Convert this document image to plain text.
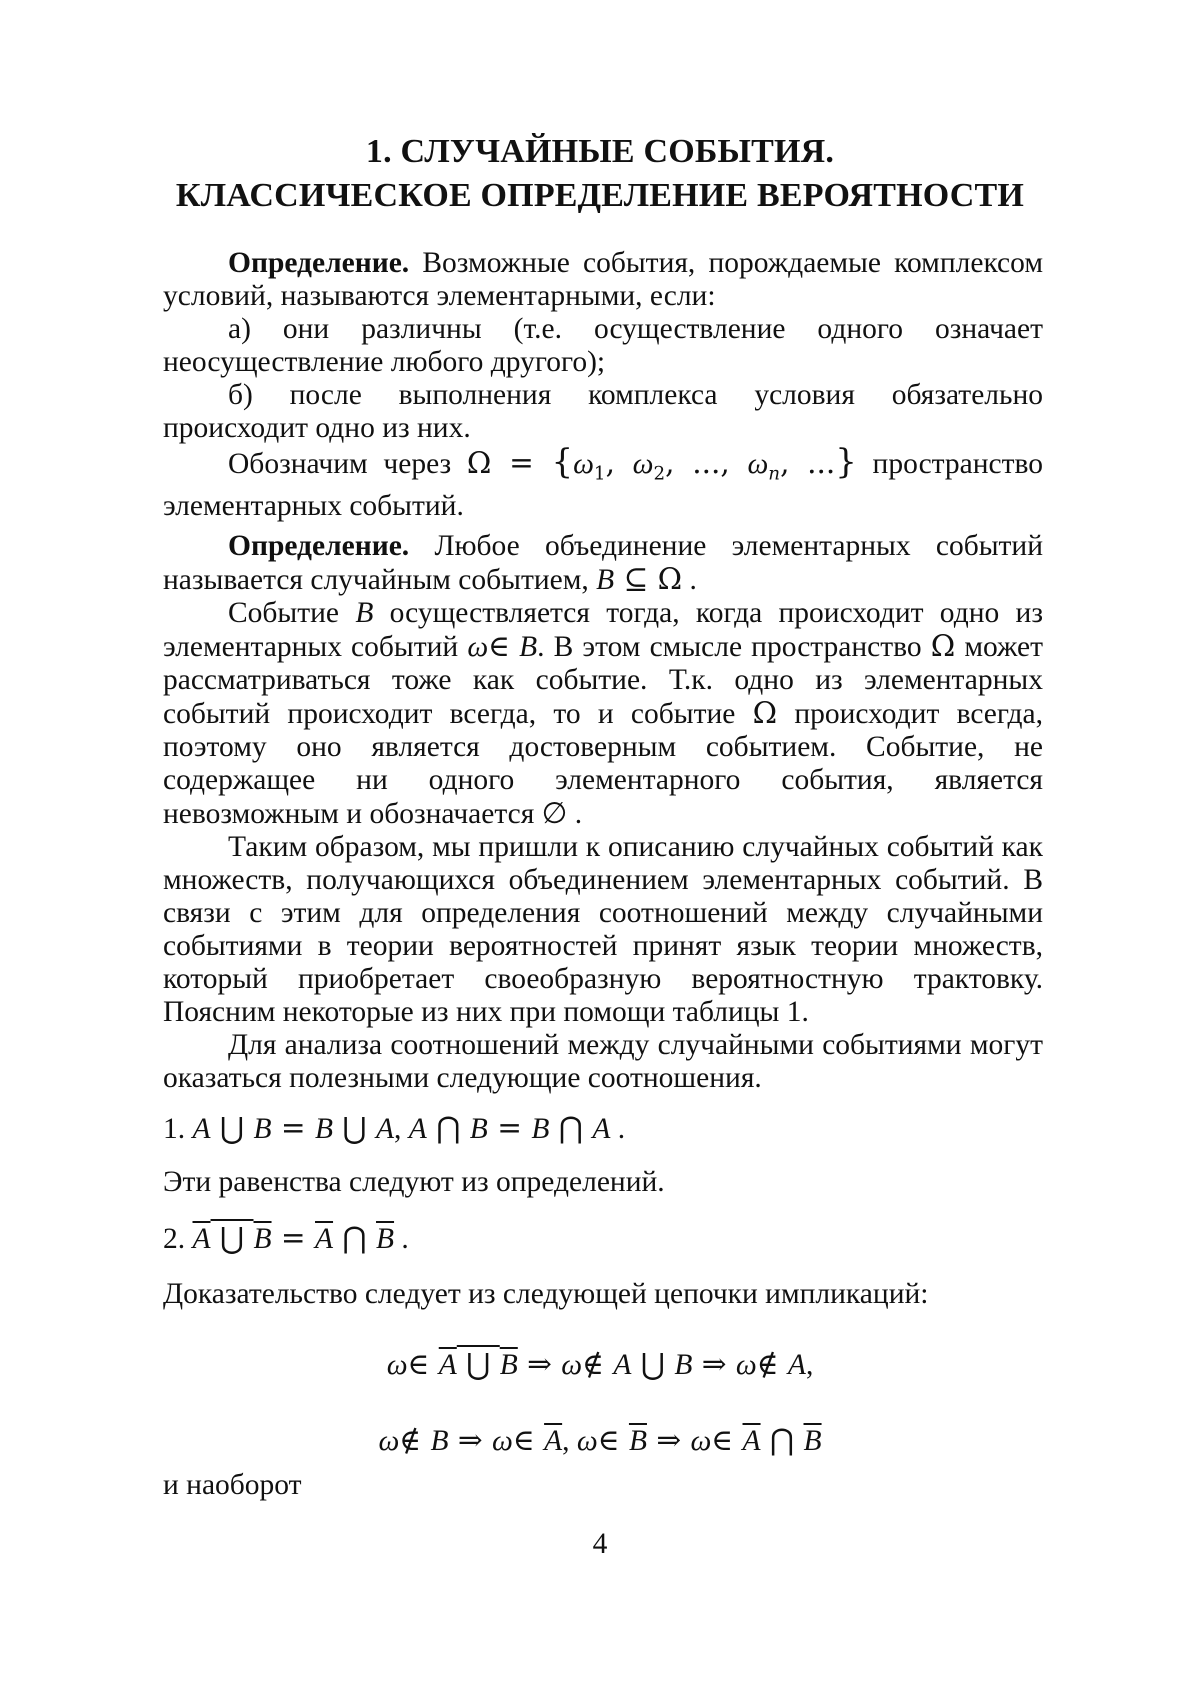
1. СЛУЧАЙНЫЕ СОБЫТИЯ.
КЛАССИЧЕСКОЕ ОПРЕДЕЛЕНИЕ ВЕРОЯТНОСТИ

Определение. Возможные события, порождаемые комплексом условий, называются элементарными, если:

а) они различны (т.е. осуществление одного означает неосуществление любого другого);

б) после выполнения комплекса условия обязательно происходит одно из них.

Обозначим через $\Omega = \{\omega_1$, $\omega_2$, ..., $\omega_n$, ...} пространство элементарных событий.

Определение. Любое объединение элементарных событий называется случайным событием, B ⊆ Ω .

Событие B осуществляется тогда, когда происходит одно из элементарных событий ω∈ B. В этом смысле пространство Ω может рассматриваться тоже как событие. Т.к. одно из элементарных событий происходит всегда, то и событие Ω происходит всегда, поэтому оно является достоверным событием. Событие, не содержащее ни одного элементарного события, является невозможным и обозначается ∅ .

Таким образом, мы пришли к описанию случайных событий как множеств, получающихся объединением элементарных событий. В связи с этим для определения соотношений между случайными событиями в теории вероятностей принят язык теории множеств, который приобретает своеобразную вероятностную трактовку. Поясним некоторые из них при помощи таблицы 1.

Для анализа соотношений между случайными событиями могут оказаться полезными следующие соотношения.

1. A ⋃ B = B ⋃ A, A ⋂ B = B ⋂ A .
Эти равенства следуют из определений.
2. A ⋃ $B = \overline{A}$ ⋂ $\overline{B}$ .
Доказательство следует из следующей цепочки импликаций:
ω∈ A ⋃ B ⇒ ω∉ A ⋃ B ⇒ ω∉ A,
ω∉ B ⇒ ω∈ $\overline{A}$, ω∈ $\overline{B}$ ⇒ ω∈ $\overline{A}$ ⋂ $\overline{B}$
и наоборот
4
